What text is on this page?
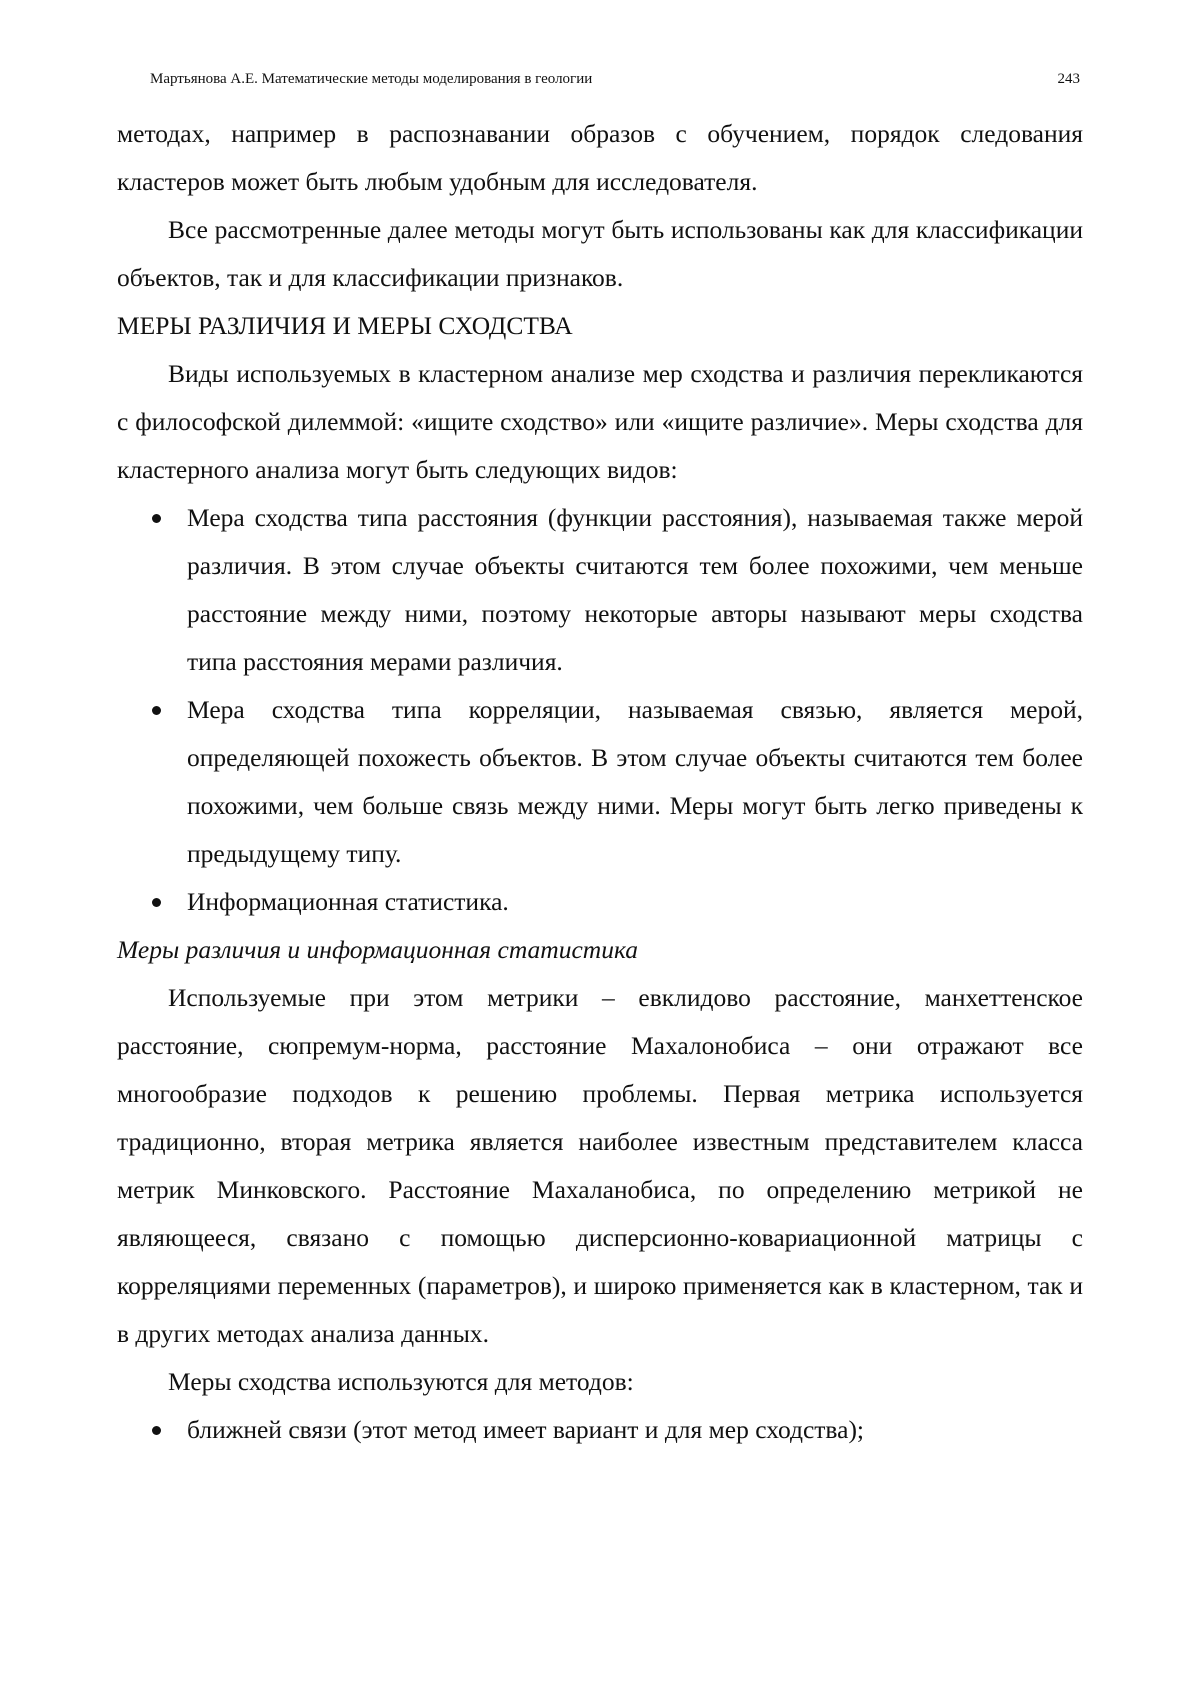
Мартьянова А.Е. Математические методы моделирования в геологии	243

методах, например в распознавании образов с обучением, порядок следования кластеров может быть любым удобным для исследователя.

Все рассмотренные далее методы могут быть использованы как для классификации объектов, так и для классификации признаков.

МЕРЫ РАЗЛИЧИЯ И МЕРЫ СХОДСТВА

Виды используемых в кластерном анализе мер сходства и различия перекликаются с философской дилеммой: «ищите сходство» или «ищите различие». Меры сходства для кластерного анализа могут быть следующих видов:

Мера сходства типа расстояния (функции расстояния), называемая также мерой различия. В этом случае объекты считаются тем более похожими, чем меньше расстояние между ними, поэтому некоторые авторы называют меры сходства типа расстояния мерами различия.
Мера сходства типа корреляции, называемая связью, является мерой, определяющей похожесть объектов. В этом случае объекты считаются тем более похожими, чем больше связь между ними. Меры могут быть легко приведены к предыдущему типу.
Информационная статистика.

Меры различия и информационная статистика

Используемые при этом метрики – евклидово расстояние, манхеттенское расстояние, сюпремум-норма, расстояние Махалонобиса – они отражают все многообразие подходов к решению проблемы. Первая метрика используется традиционно, вторая метрика является наиболее известным представителем класса метрик Минковского. Расстояние Махаланобиса, по определению метрикой не являющееся, связано с помощью дисперсионно-ковариационной матрицы с корреляциями переменных (параметров), и широко применяется как в кластерном, так и в других методах анализа данных.

Меры сходства используются для методов:

ближней связи (этот метод имеет вариант и для мер сходства);
